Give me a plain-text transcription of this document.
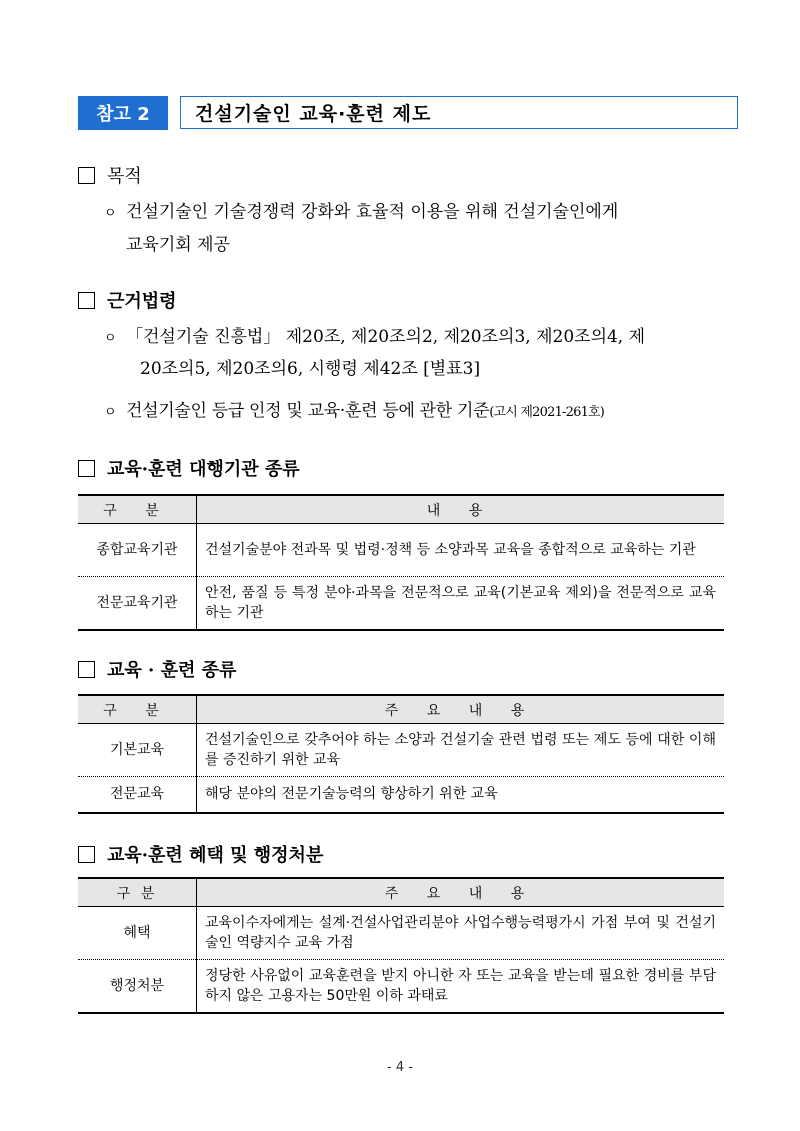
참고 2	건설기술인 교육·훈련 제도
목적
ㅇ 건설기술인 기술경쟁력 강화와 효율적 이용을 위해 건설기술인에게
교육기회 제공
근거법령
ㅇ 「건설기술 진흥법」 제20조, 제20조의2, 제20조의3, 제20조의4, 제
20조의5, 제20조의6, 시행령 제42조 [별표3]
ㅇ 건설기술인 등급 인정 및 교육·훈련 등에 관한 기준(고시 제2021-261호)
교육·훈련 대행기관 종류
구 분	내 용
종합교육기관	건설기술분야 전과목 및 법령·정책 등 소양과목 교육을 종합적으로 교육하는 기관
전문교육기관	안전, 품질 등 특정 분야·과목을 전문적으로 교육(기본교육 제외)을 전문적으로 교육하는 기관
교육 · 훈련 종류
구 분	주 요 내 용
기본교육	건설기술인으로 갖추어야 하는 소양과 건설기술 관련 법령 또는 제도 등에 대한 이해를 증진하기 위한 교육
전문교육	해당 분야의 전문기술능력의 향상하기 위한 교육
교육·훈련 혜택 및 행정처분
구 분	주 요 내 용
혜택	교육이수자에게는 설계·건설사업관리분야 사업수행능력평가시 가점 부여 및 건설기술인 역량지수 교육 가점
행정처분	정당한 사유없이 교육훈련을 받지 아니한 자 또는 교육을 받는데 필요한 경비를 부담하지 않은 고용자는 50만원 이하 과태료
- 4 -
